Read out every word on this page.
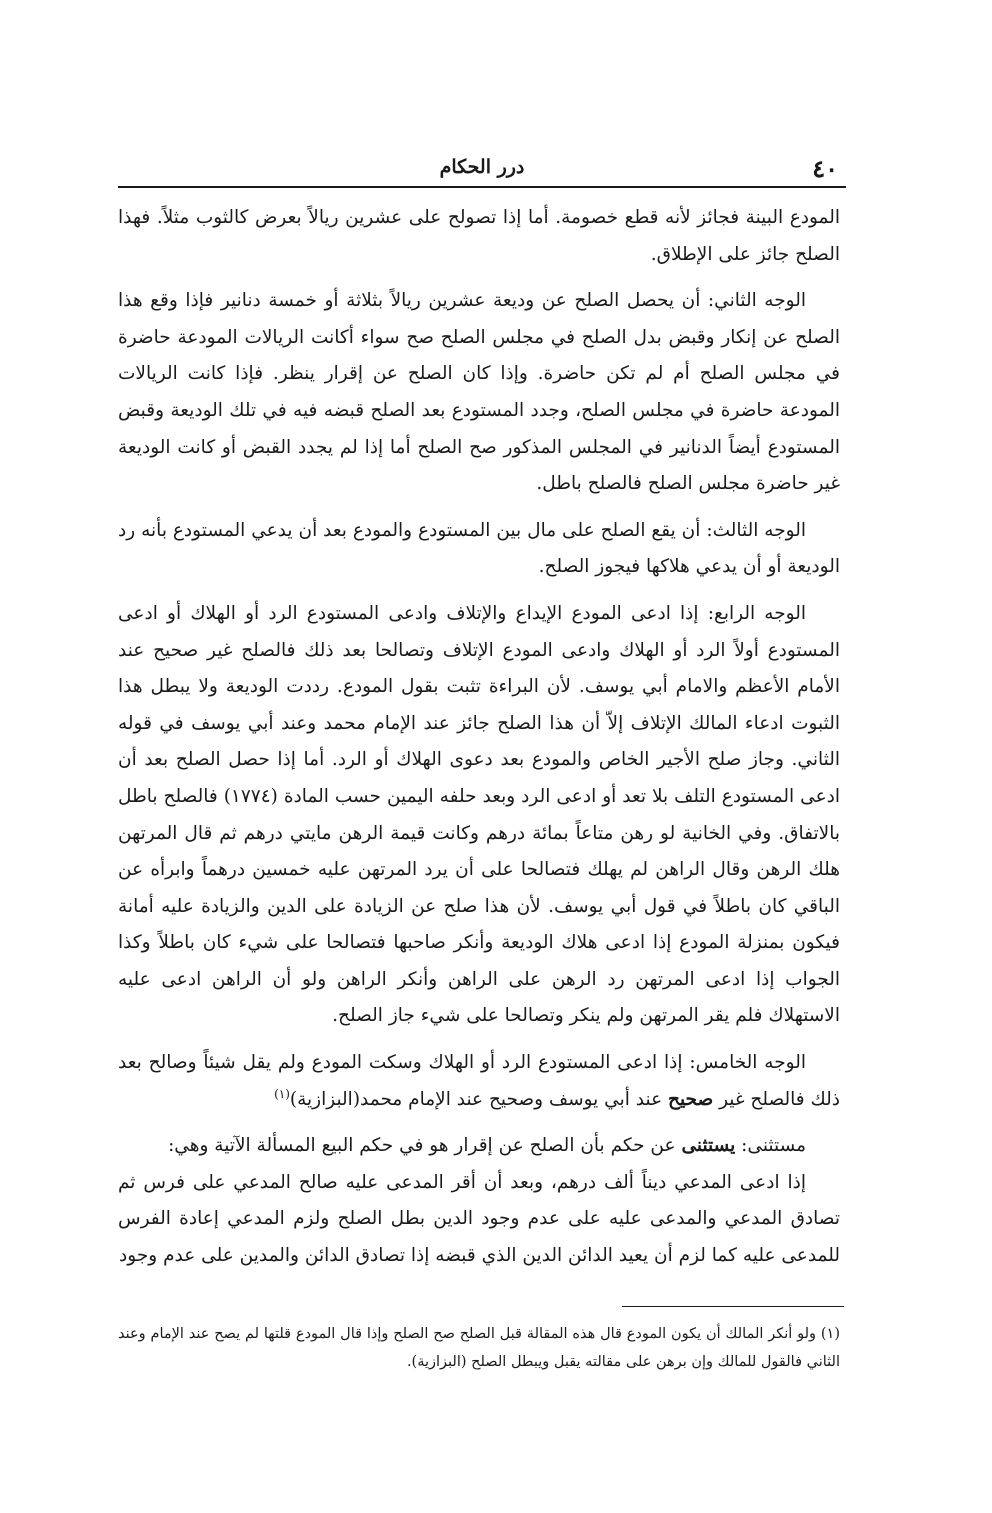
٤٠
درر الحكام

المودع البينة فجائز لأنه قطع خصومة. أما إذا تصولح على عشرين ريالاً بعرض كالثوب مثلاً. فهذا الصلح جائز على الإطلاق.

الوجه الثاني: أن يحصل الصلح عن وديعة عشرين ريالاً بثلاثة أو خمسة دنانير فإذا وقع هذا الصلح عن إنكار وقبض بدل الصلح في مجلس الصلح صح سواء أكانت الريالات المودعة حاضرة في مجلس الصلح أم لم تكن حاضرة. وإذا كان الصلح عن إقرار ينظر. فإذا كانت الريالات المودعة حاضرة في مجلس الصلح، وجدد المستودع بعد الصلح قبضه فيه في تلك الوديعة وقبض المستودع أيضاً الدنانير في المجلس المذكور صح الصلح أما إذا لم يجدد القبض أو كانت الوديعة غير حاضرة مجلس الصلح فالصلح باطل.

الوجه الثالث: أن يقع الصلح على مال بين المستودع والمودع بعد أن يدعي المستودع بأنه رد الوديعة أو أن يدعي هلاكها فيجوز الصلح.

الوجه الرابع: إذا ادعى المودع الإيداع والإتلاف وادعى المستودع الرد أو الهلاك أو ادعى المستودع أولاً الرد أو الهلاك وادعى المودع الإتلاف وتصالحا بعد ذلك فالصلح غير صحيح عند الأمام الأعظم والامام أبي يوسف. لأن البراءة تثبت بقول المودع. رددت الوديعة ولا يبطل هذا الثبوت ادعاء المالك الإتلاف إلاّ أن هذا الصلح جائز عند الإمام محمد وعند أبي يوسف في قوله الثاني. وجاز صلح الأجير الخاص والمودع بعد دعوى الهلاك أو الرد. أما إذا حصل الصلح بعد أن ادعى المستودع التلف بلا تعد أو ادعى الرد وبعد حلفه اليمين حسب المادة (١٧٧٤) فالصلح باطل بالاتفاق. وفي الخانية لو رهن متاعاً بمائة درهم وكانت قيمة الرهن مايتي درهم ثم قال المرتهن هلك الرهن وقال الراهن لم يهلك فتصالحا على أن يرد المرتهن عليه خمسين درهماً وابرأه عن الباقي كان باطلاً في قول أبي يوسف. لأن هذا صلح عن الزيادة على الدين والزيادة عليه أمانة فيكون بمنزلة المودع إذا ادعى هلاك الوديعة وأنكر صاحبها فتصالحا على شيء كان باطلاً وكذا الجواب إذا ادعى المرتهن رد الرهن على الراهن وأنكر الراهن ولو أن الراهن ادعى عليه الاستهلاك فلم يقر المرتهن ولم ينكر وتصالحا على شيء جاز الصلح.

الوجه الخامس: إذا ادعى المستودع الرد أو الهلاك وسكت المودع ولم يقل شيئاً وصالح بعد ذلك فالصلح غير صحيح عند أبي يوسف وصحيح عند الإمام محمد(البزازية)$^{(١)}$

مستثنى: يستثنى عن حكم بأن الصلح عن إقرار هو في حكم البيع المسألة الآتية وهي:

إذا ادعى المدعي ديناً ألف درهم، وبعد أن أقر المدعى عليه صالح المدعي على فرس ثم تصادق المدعي والمدعى عليه على عدم وجود الدين بطل الصلح ولزم المدعي إعادة الفرس للمدعى عليه كما لزم أن يعيد الدائن الدين الذي قبضه إذا تصادق الدائن والمدين على عدم وجود

(١) ولو أنكر المالك أن يكون المودع قال هذه المقالة قبل الصلح صح الصلح وإذا قال المودع قلتها لم يصح عند الإمام وعند الثاني فالقول للمالك وإن برهن على مقالته يقبل ويبطل الصلح (البزازية).
